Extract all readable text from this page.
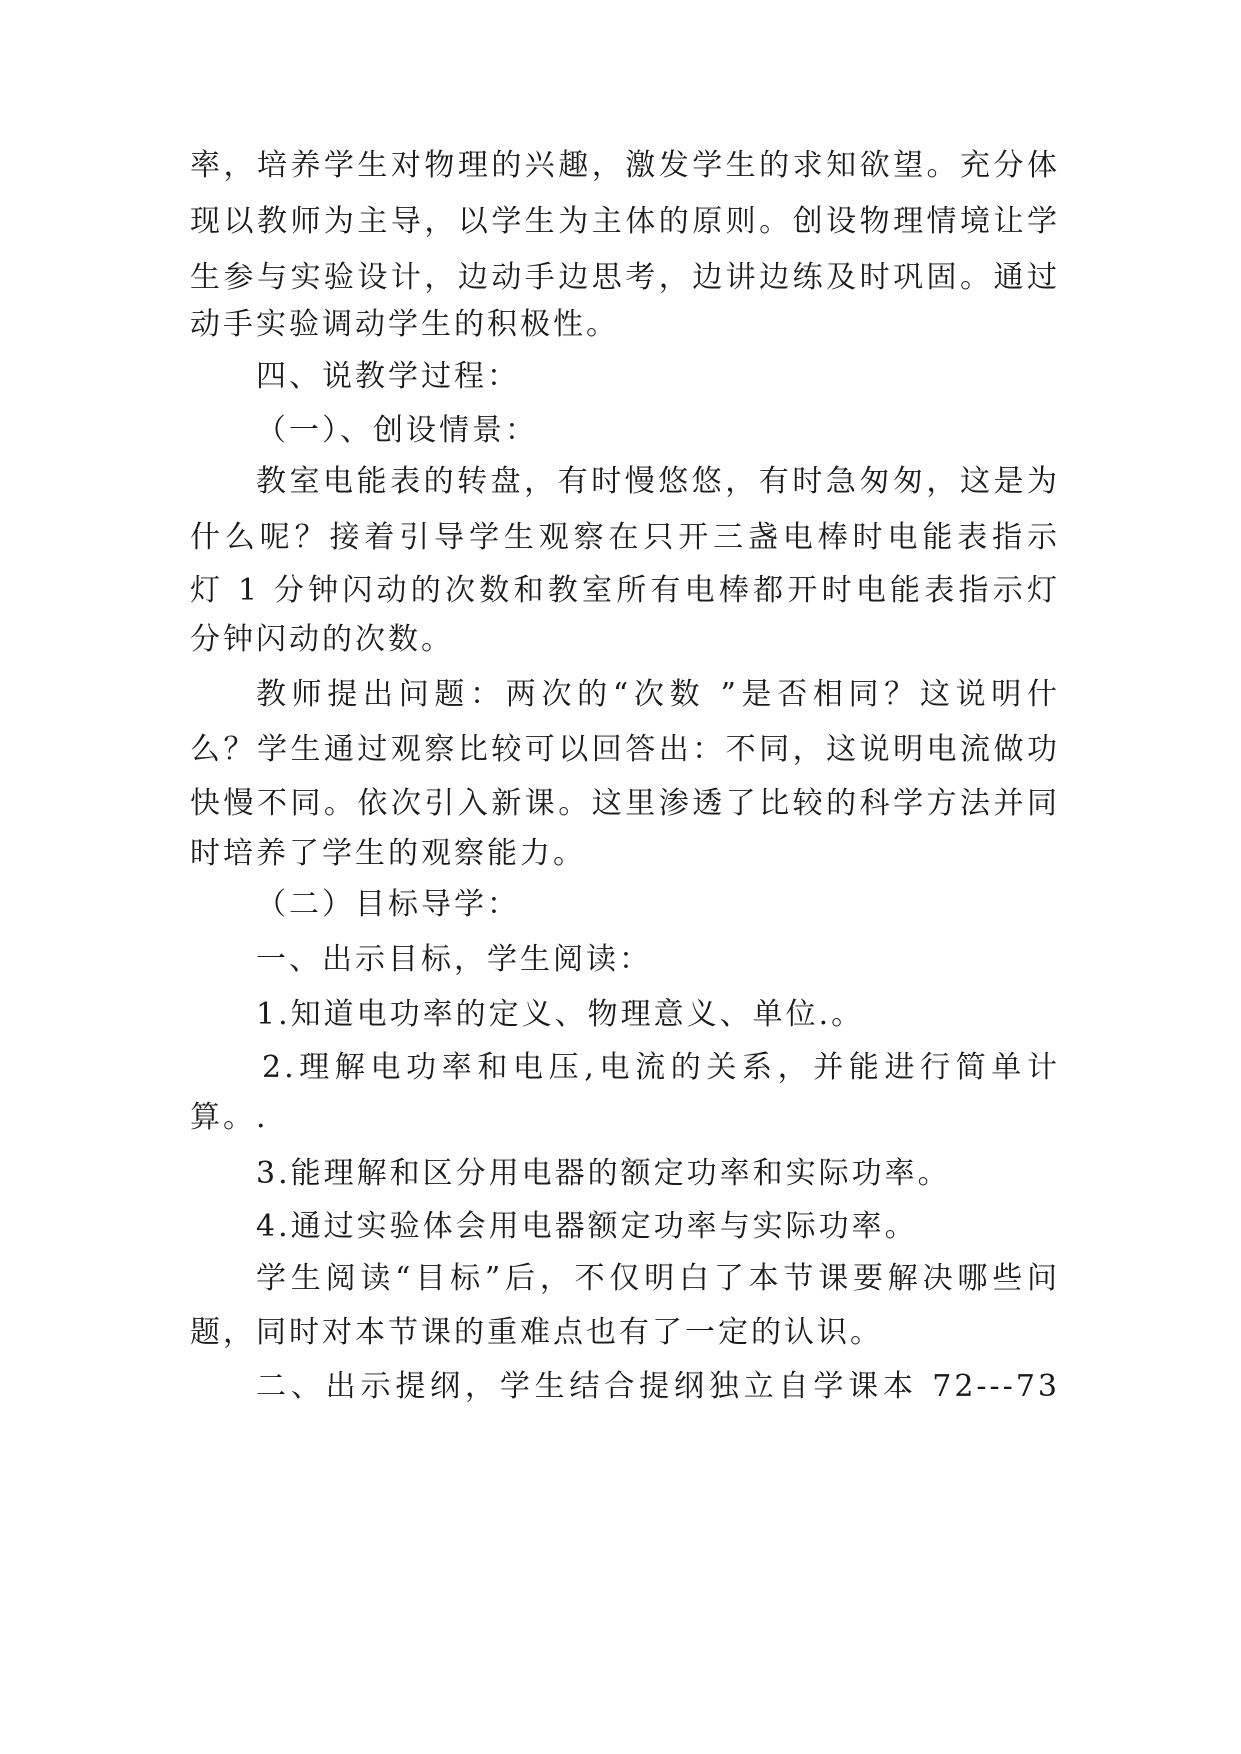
率，培养学生对物理的兴趣，激发学生的求知欲望。充分体
现以教师为主导，以学生为主体的原则。创设物理情境让学
生参与实验设计，边动手边思考，边讲边练及时巩固。通过
动手实验调动学生的积极性。
四、说教学过程：
（一）、创设情景：
教室电能表的转盘，有时慢悠悠，有时急匆匆，这是为
什么呢？接着引导学生观察在只开三盏电棒时电能表指示
灯 1 分钟闪动的次数和教室所有电棒都开时电能表指示灯
分钟闪动的次数。
教师提出问题：两次的“次数 ”是否相同？这说明什
么？学生通过观察比较可以回答出：不同，这说明电流做功
快慢不同。依次引入新课。这里渗透了比较的科学方法并同
时培养了学生的观察能力。
（二）目标导学：
一、出示目标，学生阅读：
1.知道电功率的定义、物理意义、单位.。
2.理解电功率和电压,电流的关系，并能进行简单计
算。.
3.能理解和区分用电器的额定功率和实际功率。
4.通过实验体会用电器额定功率与实际功率。
学生阅读“目标”后，不仅明白了本节课要解决哪些问
题，同时对本节课的重难点也有了一定的认识。
二、出示提纲，学生结合提纲独立自学课本 72---73
